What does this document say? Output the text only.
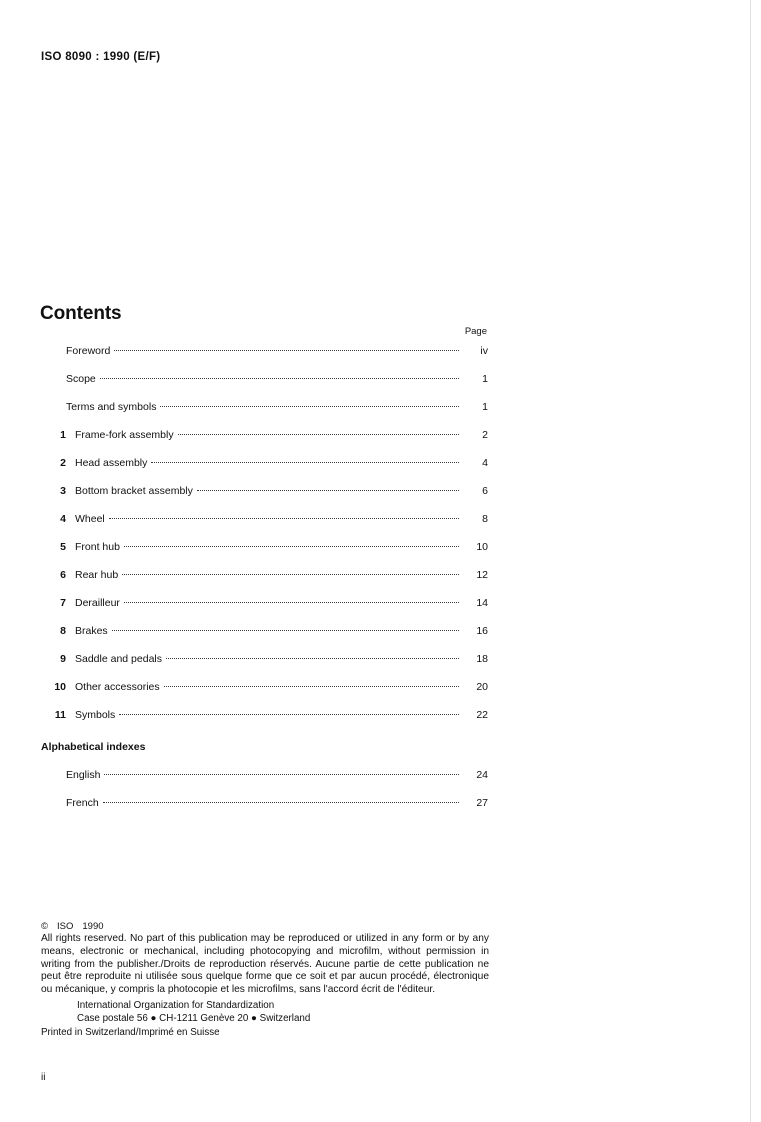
ISO 8090 : 1990 (E/F)
Contents
Page
Foreword	iv
Scope	1
Terms and symbols	1
1 Frame-fork assembly	2
2 Head assembly	4
3 Bottom bracket assembly	6
4 Wheel	8
5 Front hub	10
6 Rear hub	12
7 Derailleur	14
8 Brakes	16
9 Saddle and pedals	18
10 Other accessories	20
11 Symbols	22
Alphabetical indexes
English	24
French	27
© ISO 1990
All rights reserved. No part of this publication may be reproduced or utilized in any form or by any means, electronic or mechanical, including photocopying and microfilm, without permission in writing from the publisher./Droits de reproduction réservés. Aucune partie de cette publication ne peut être reproduite ni utilisée sous quelque forme que ce soit et par aucun procédé, électronique ou mécanique, y compris la photocopie et les microfilms, sans l'accord écrit de l'éditeur.
International Organization for Standardization
Case postale 56 ● CH-1211 Genève 20 ● Switzerland
Printed in Switzerland/Imprimé en Suisse
ii
